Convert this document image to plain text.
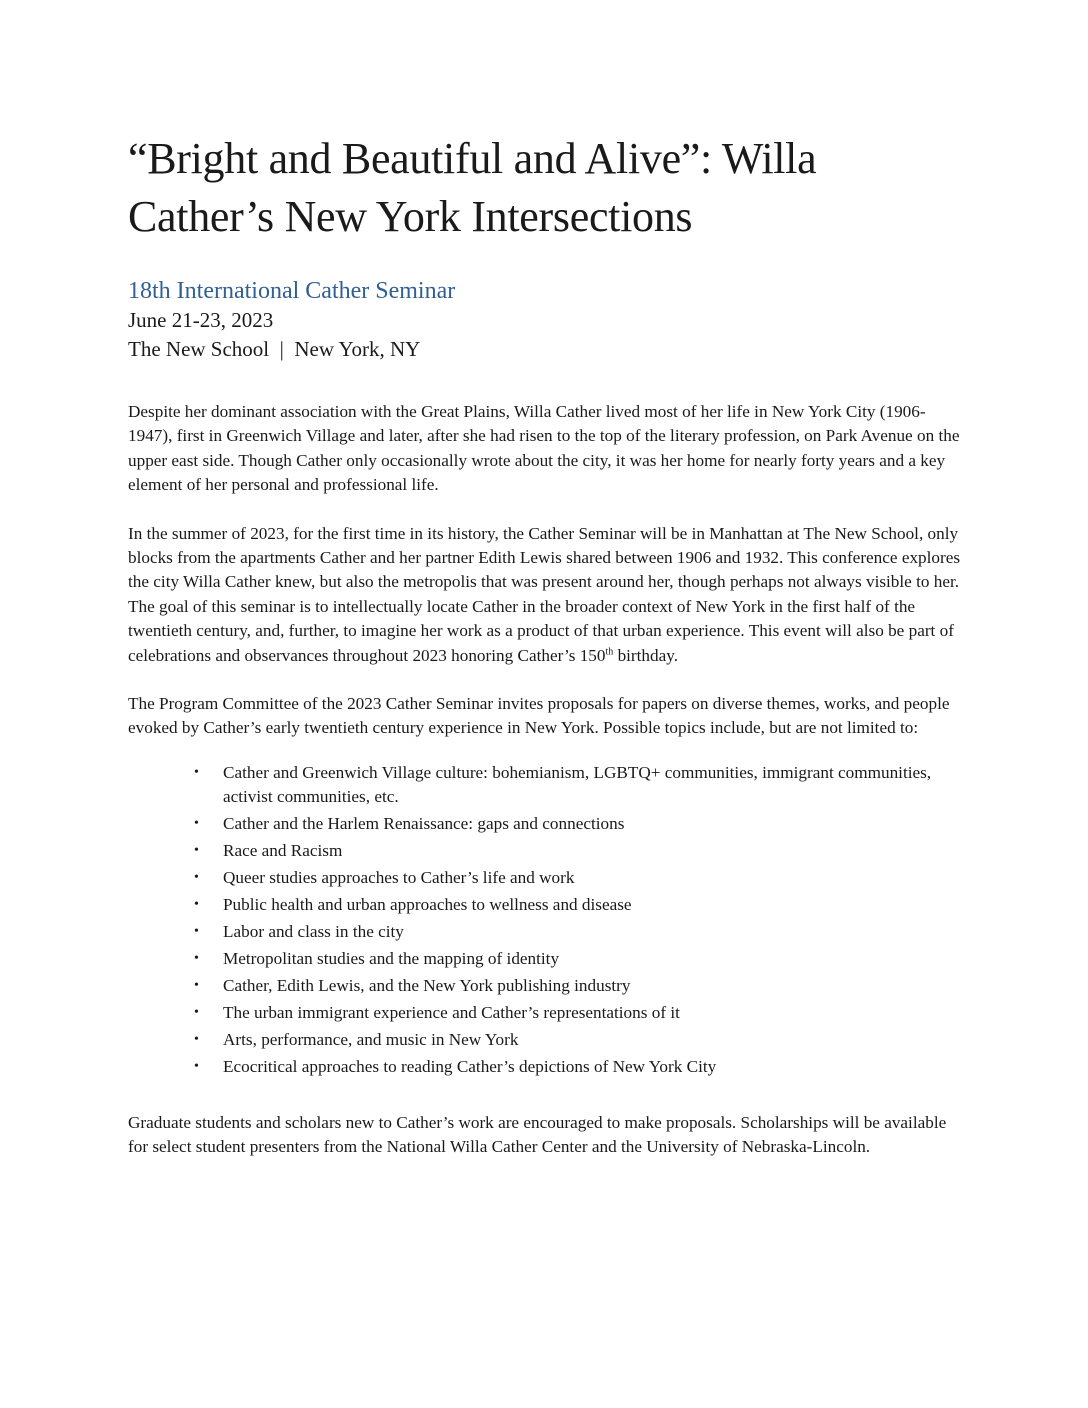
“Bright and Beautiful and Alive”: Willa Cather’s New York Intersections
18th International Cather Seminar

June 21-23, 2023

The New School  |  New York, NY

Despite her dominant association with the Great Plains, Willa Cather lived most of her life in New York City (1906-1947), first in Greenwich Village and later, after she had risen to the top of the literary profession, on Park Avenue on the upper east side. Though Cather only occasionally wrote about the city, it was her home for nearly forty years and a key element of her personal and professional life.

In the summer of 2023, for the first time in its history, the Cather Seminar will be in Manhattan at The New School, only blocks from the apartments Cather and her partner Edith Lewis shared between 1906 and 1932. This conference explores the city Willa Cather knew, but also the metropolis that was present around her, though perhaps not always visible to her. The goal of this seminar is to intellectually locate Cather in the broader context of New York in the first half of the twentieth century, and, further, to imagine her work as a product of that urban experience. This event will also be part of celebrations and observances throughout 2023 honoring Cather’s 150th birthday.

The Program Committee of the 2023 Cather Seminar invites proposals for papers on diverse themes, works, and people evoked by Cather’s early twentieth century experience in New York. Possible topics include, but are not limited to:

• Cather and Greenwich Village culture: bohemianism, LGBTQ+ communities, immigrant communities, activist communities, etc.
• Cather and the Harlem Renaissance: gaps and connections
• Race and Racism
• Queer studies approaches to Cather’s life and work
• Public health and urban approaches to wellness and disease
• Labor and class in the city
• Metropolitan studies and the mapping of identity
• Cather, Edith Lewis, and the New York publishing industry
• The urban immigrant experience and Cather’s representations of it
• Arts, performance, and music in New York
• Ecocritical approaches to reading Cather’s depictions of New York City

Graduate students and scholars new to Cather’s work are encouraged to make proposals. Scholarships will be available for select student presenters from the National Willa Cather Center and the University of Nebraska-Lincoln.
